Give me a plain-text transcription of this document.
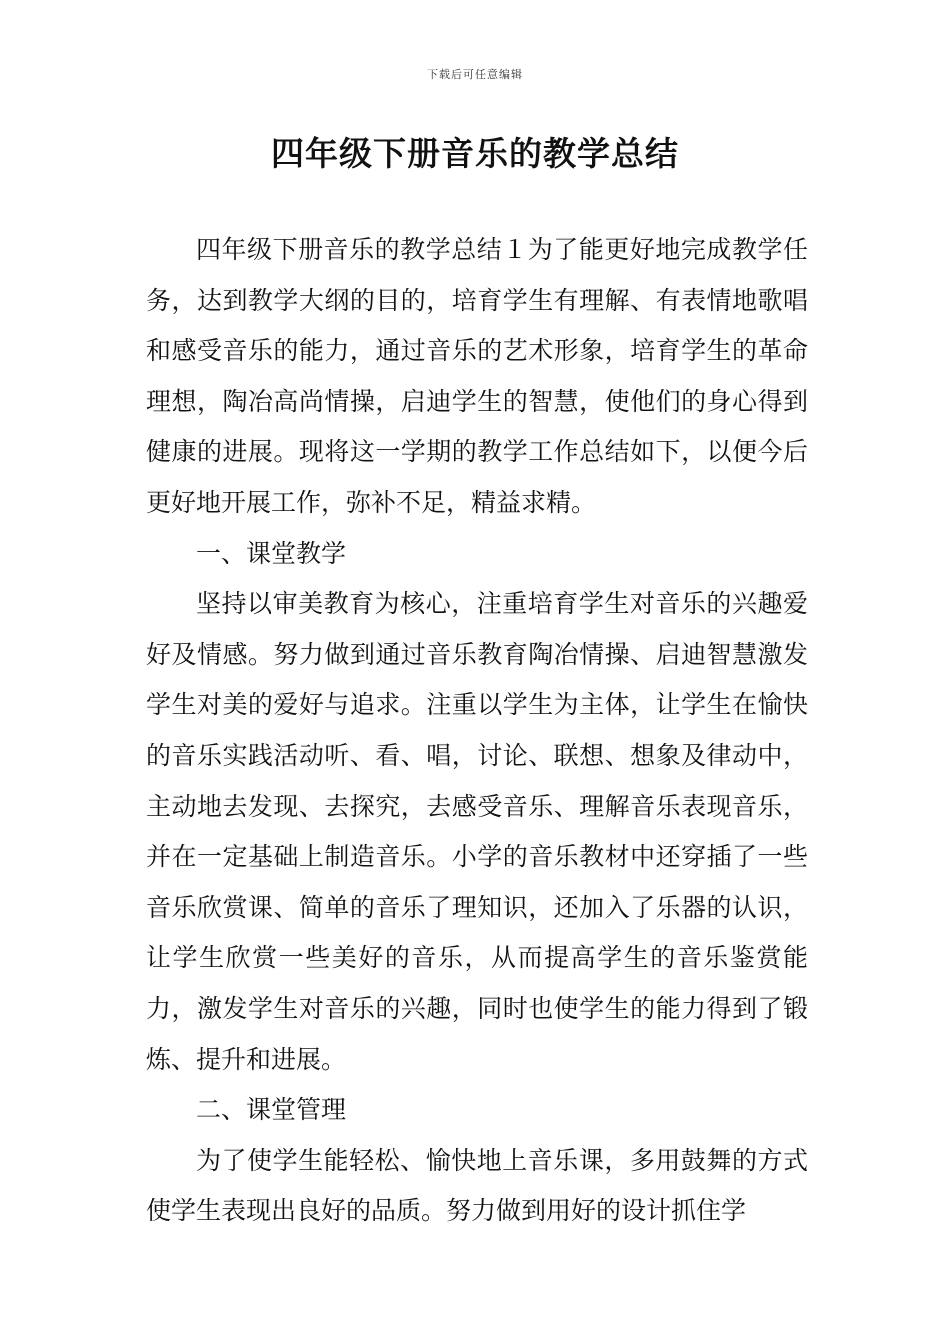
下载后可任意编辑
四年级下册音乐的教学总结

四年级下册音乐的教学总结１为了能更好地完成教学任务，达到教学大纲的目的，培育学生有理解、有表情地歌唱和感受音乐的能力，通过音乐的艺术形象，培育学生的革命理想，陶冶高尚情操，启迪学生的智慧，使他们的身心得到健康的进展。现将这一学期的教学工作总结如下，以便今后更好地开展工作，弥补不足，精益求精。

一、课堂教学

坚持以审美教育为核心，注重培育学生对音乐的兴趣爱好及情感。努力做到通过音乐教育陶冶情操、启迪智慧激发学生对美的爱好与追求。注重以学生为主体，让学生在愉快的音乐实践活动听、看、唱，讨论、联想、想象及律动中，主动地去发现、去探究，去感受音乐、理解音乐表现音乐，并在一定基础上制造音乐。小学的音乐教材中还穿插了一些音乐欣赏课、简单的音乐了理知识，还加入了乐器的认识，让学生欣赏一些美好的音乐，从而提高学生的音乐鉴赏能力，激发学生对音乐的兴趣，同时也使学生的能力得到了锻炼、提升和进展。

二、课堂管理

为了使学生能轻松、愉快地上音乐课，多用鼓舞的方式使学生表现出良好的品质。努力做到用好的设计抓住学
